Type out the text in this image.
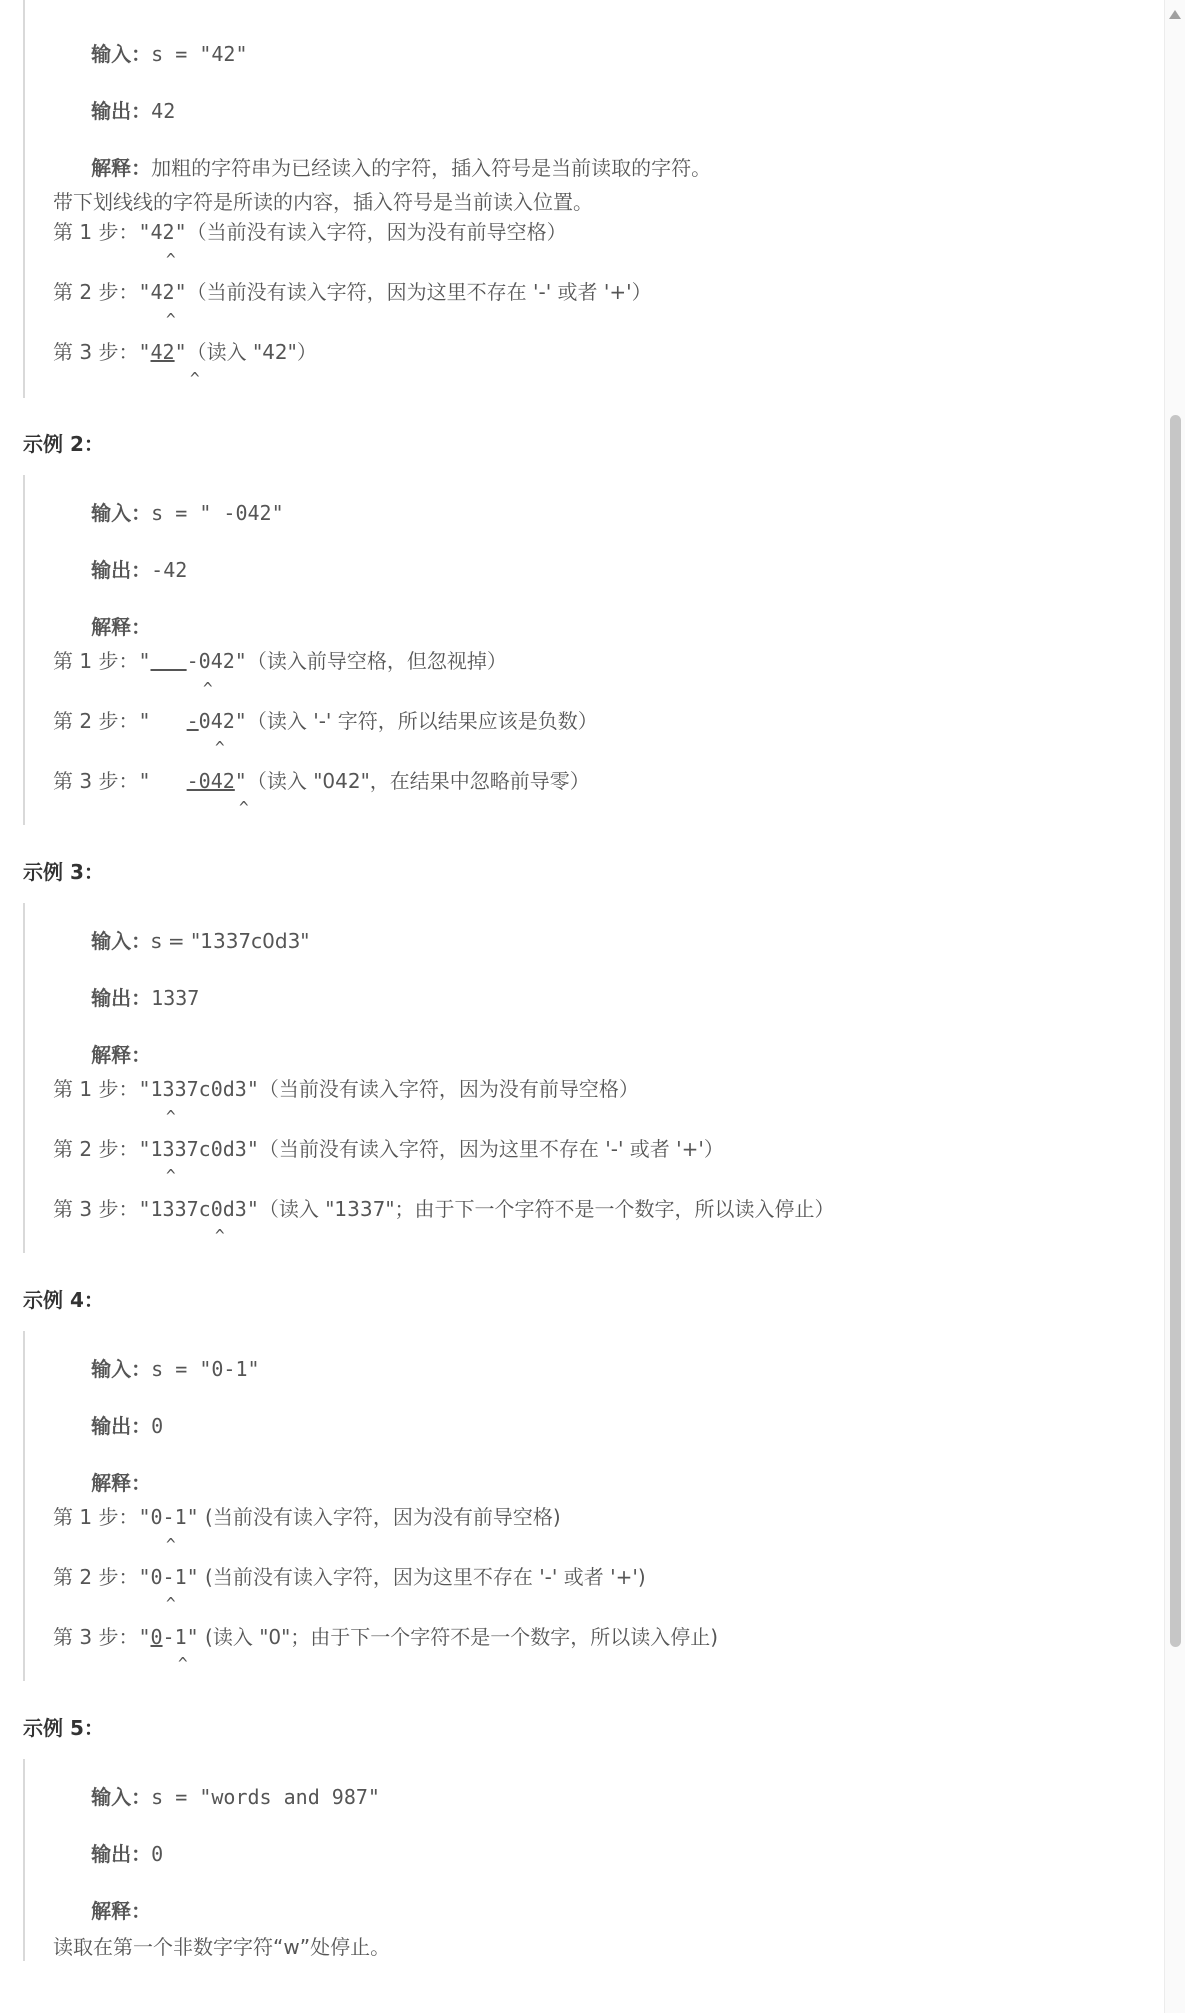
输入：s = "42"

输出：42

解释：加粗的字符串为已经读入的字符，插入符号是当前读取的字符。

带下划线线的字符是所读的内容，插入符号是当前读入位置。
第 1 步："42"（当前没有读入字符，因为没有前导空格）
^
第 2 步："42"（当前没有读入字符，因为这里不存在 '-' 或者 '+'）
^
第 3 步："42"（读入 "42"）
^
示例 2：

输入：s = " -042"

输出：-42

解释：

第 1 步：" -042"（读入前导空格，但忽视掉）
^
第 2 步："   -042"（读入 '-' 字符，所以结果应该是负数）
^
第 3 步："   -042"（读入 "042"，在结果中忽略前导零）
^
示例 3：

输入：s = "1337c0d3"

输出：1337

解释：

第 1 步："1337c0d3"（当前没有读入字符，因为没有前导空格）
^
第 2 步："1337c0d3"（当前没有读入字符，因为这里不存在 '-' 或者 '+'）
^
第 3 步："1337c0d3"（读入 "1337"；由于下一个字符不是一个数字，所以读入停止）
^
示例 4：

输入：s = "0-1"

输出：0

解释：

第 1 步："0-1" (当前没有读入字符，因为没有前导空格)
^
第 2 步："0-1" (当前没有读入字符，因为这里不存在 '-' 或者 '+')
^
第 3 步："0-1" (读入 "0"；由于下一个字符不是一个数字，所以读入停止)
^
示例 5：

输入：s = "words and 987"

输出：0

解释：

读取在第一个非数字字符“w”处停止。
